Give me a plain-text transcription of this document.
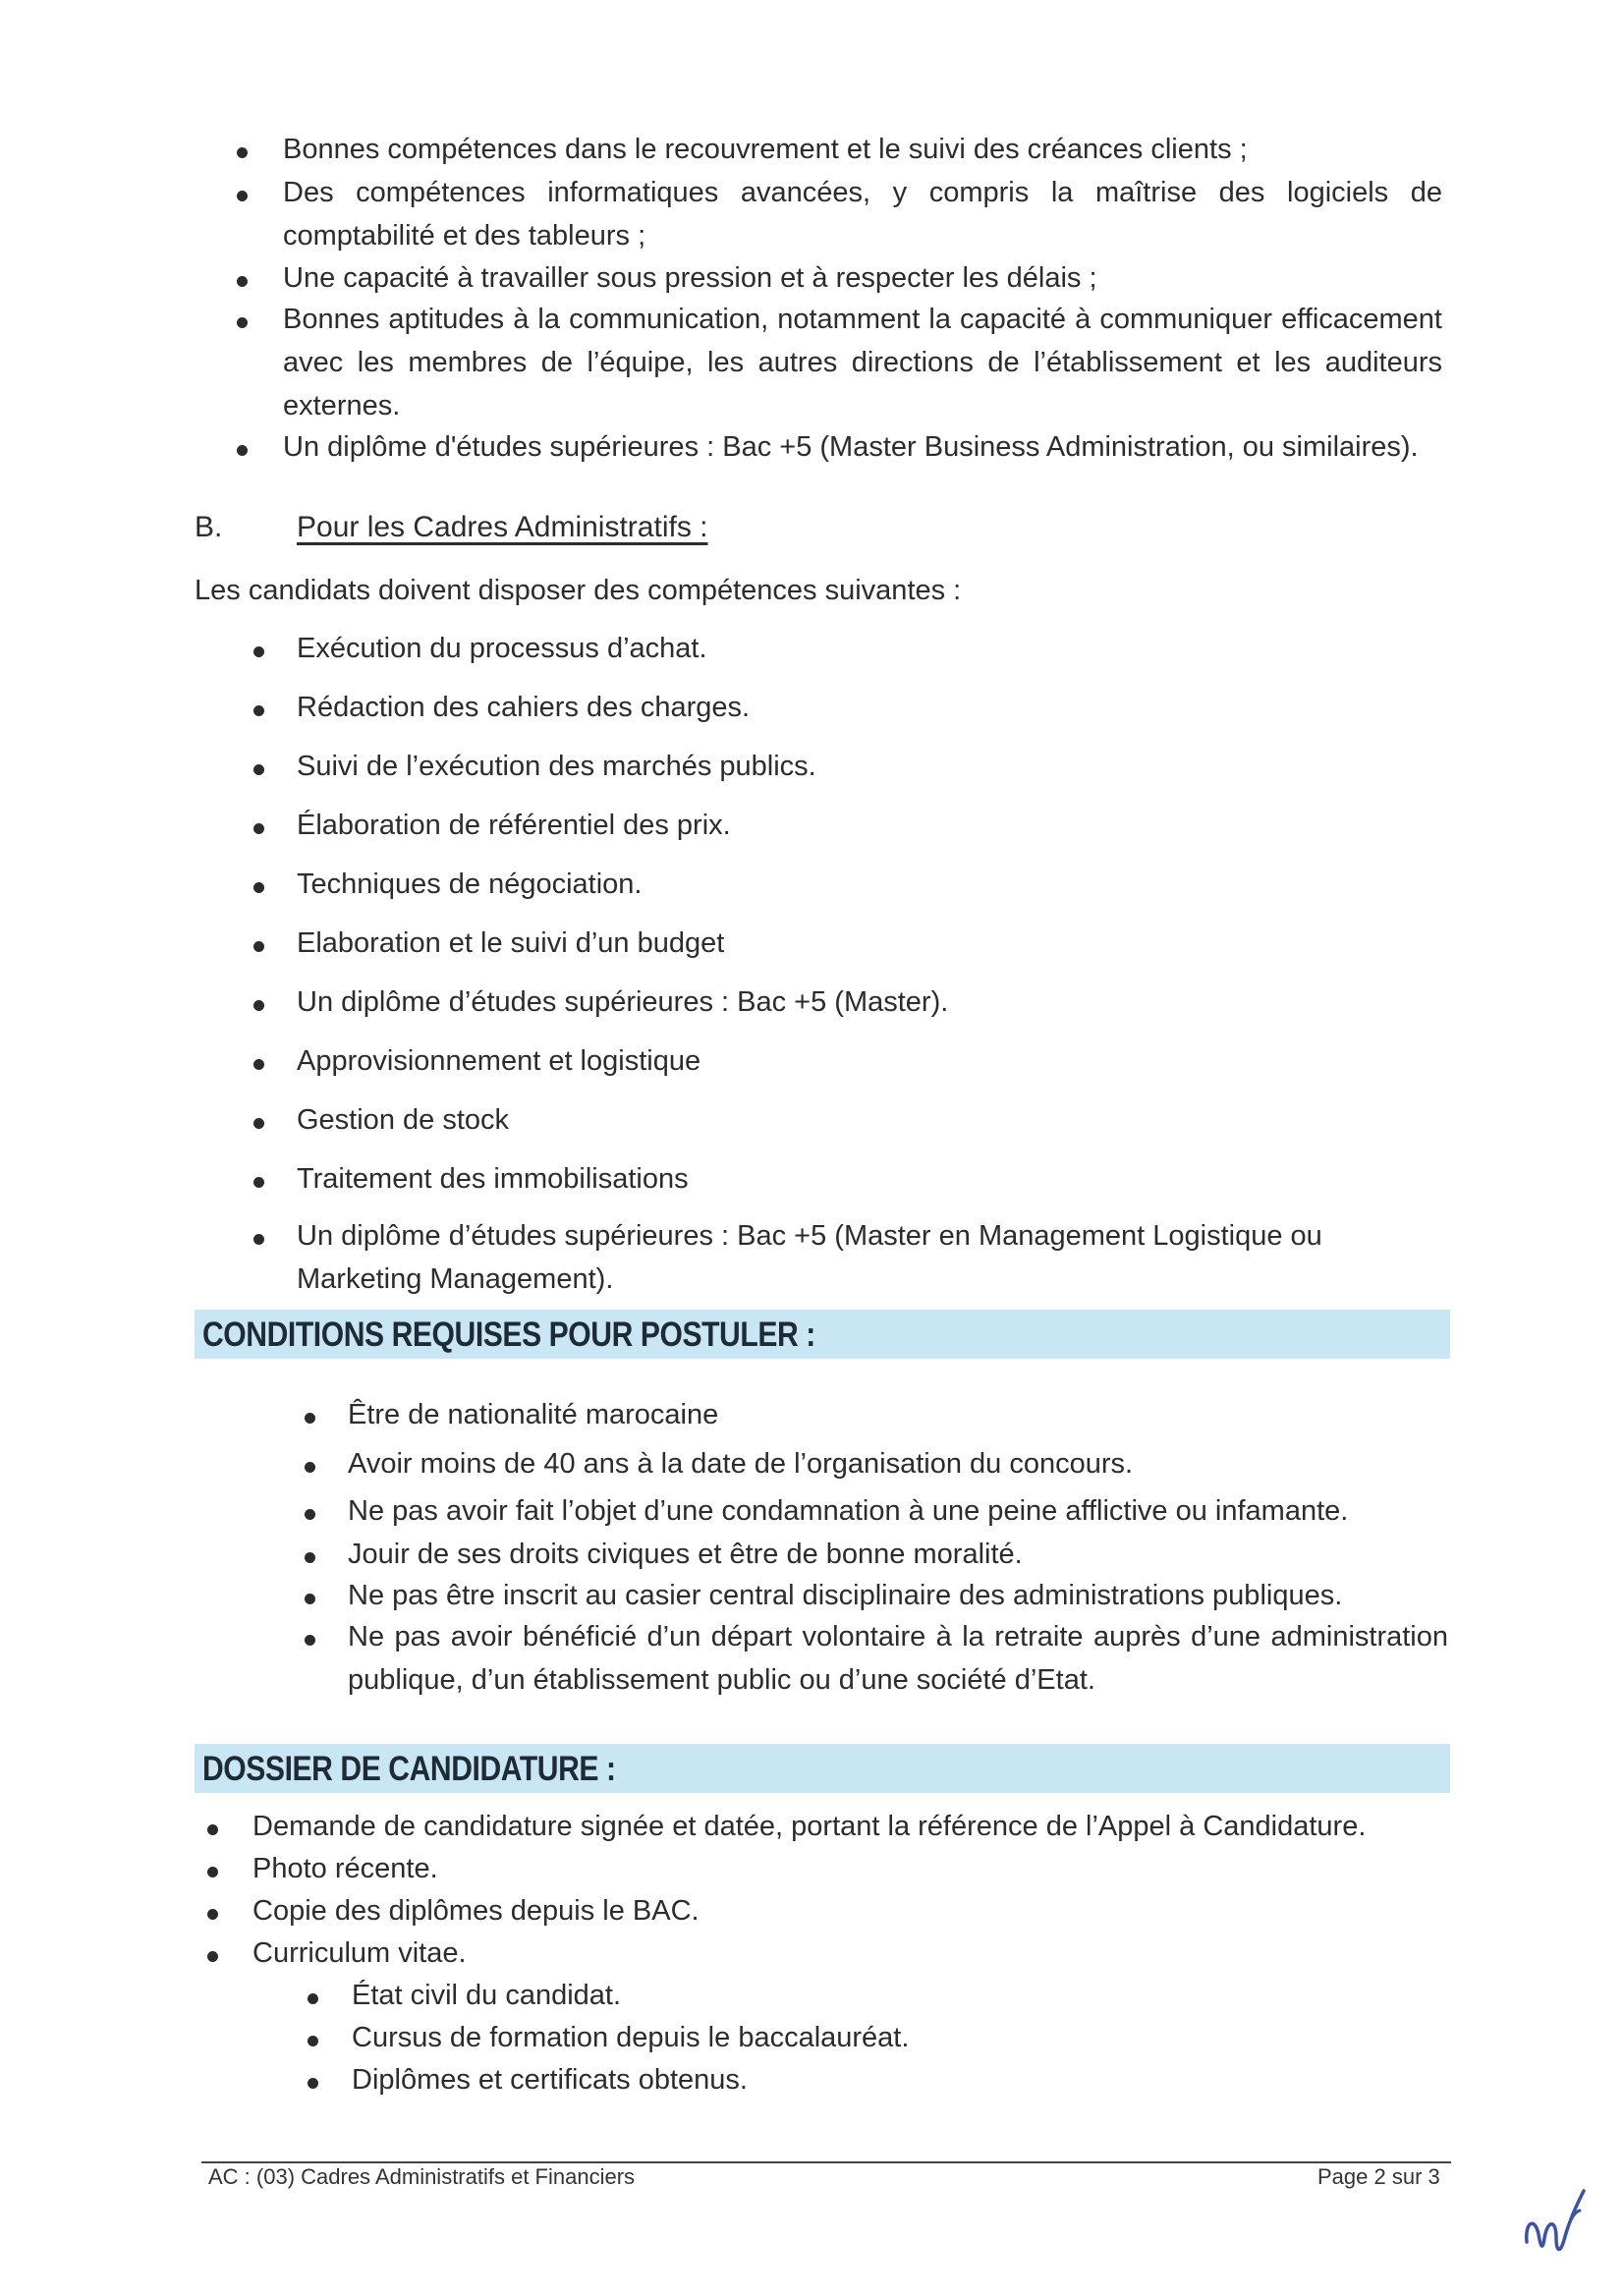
Bonnes compétences dans le recouvrement et le suivi des créances clients ;
Des compétences informatiques avancées, y compris la maîtrise des logiciels de comptabilité et des tableurs ;
Une capacité à travailler sous pression et à respecter les délais ;
Bonnes aptitudes à la communication, notamment la capacité à communiquer efficacement avec les membres de l’équipe, les autres directions de l’établissement et les auditeurs externes.
Un diplôme d'études supérieures : Bac +5 (Master Business Administration, ou similaires).
B.	Pour les Cadres Administratifs :
Les candidats doivent disposer des compétences suivantes :
Exécution du processus d’achat.
Rédaction des cahiers des charges.
Suivi de l’exécution des marchés publics.
Élaboration de référentiel des prix.
Techniques de négociation.
Elaboration et le suivi d’un budget
Un diplôme d’études supérieures : Bac +5 (Master).
Approvisionnement et logistique
Gestion de stock
Traitement des immobilisations
Un diplôme d’études supérieures : Bac +5 (Master en Management Logistique ou Marketing Management).
CONDITIONS REQUISES POUR POSTULER :
Être de nationalité marocaine
Avoir moins de 40 ans à la date de l’organisation du concours.
Ne pas avoir fait l’objet d’une condamnation à une peine afflictive ou infamante.
Jouir de ses droits civiques et être de bonne moralité.
Ne pas être inscrit au casier central disciplinaire des administrations publiques.
Ne pas avoir bénéficié d’un départ volontaire à la retraite auprès d’une administration publique, d’un établissement public ou d’une société d’Etat.
DOSSIER DE CANDIDATURE :
Demande de candidature signée et datée, portant la référence de l’Appel à Candidature.
Photo récente.
Copie des diplômes depuis le BAC.
Curriculum vitae.
État civil du candidat.
Cursus de formation depuis le baccalauréat.
Diplômes et certificats obtenus.
AC : (03) Cadres Administratifs et Financiers	Page 2 sur 3
